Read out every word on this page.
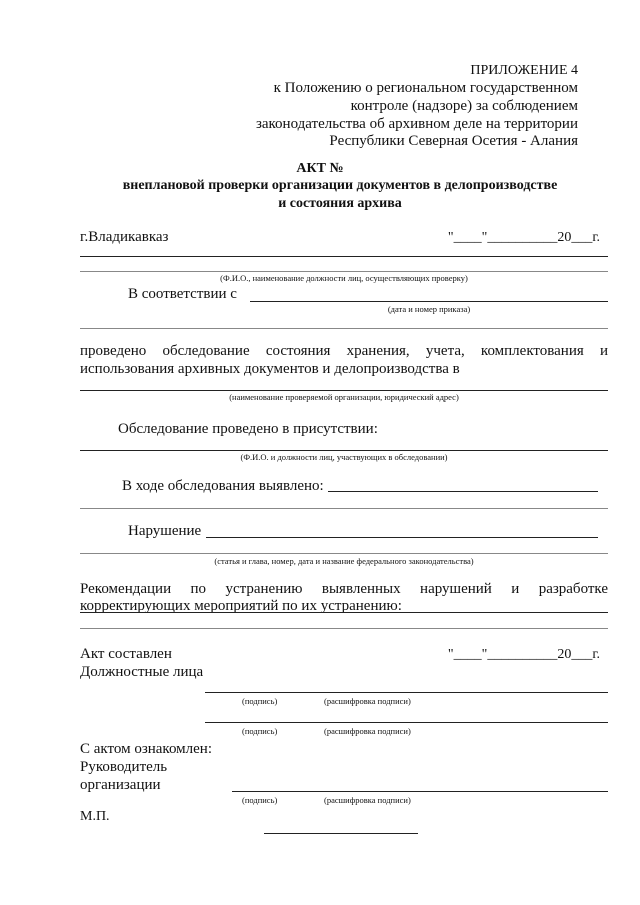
ПРИЛОЖЕНИЕ 4
к Положению о региональном государственном
контроле (надзоре) за соблюдением
законодательства об архивном деле на территории
Республики Северная Осетия - Алания
АКТ №
внеплановой проверки организации документов в делопроизводстве
и состояния архива
г.Владикавказ	"____"__________20___г.
(Ф.И.О., наименование должности лиц, осуществляющих проверку)
В соответствии с
(дата и номер приказа)
проведено обследование состояния хранения, учета, комплектования и
использования архивных документов и делопроизводства в
(наименование проверяемой организации, юридический адрес)
Обследование проведено в присутствии:
(Ф.И.О. и должности лиц, участвующих в обследовании)
В ходе обследования выявлено:
Нарушение
(статья и глава, номер, дата и название федерального законодательства)
Рекомендации по устранению выявленных нарушений и разработке
корректирующих мероприятий по их устранению:
Акт составлен	"____"__________20___г.
Должностные лица
(подпись)	(расшифровка подписи)
(подпись)	(расшифровка подписи)
С актом ознакомлен:
Руководитель
организации
(подпись)	(расшифровка подписи)
М.П.
